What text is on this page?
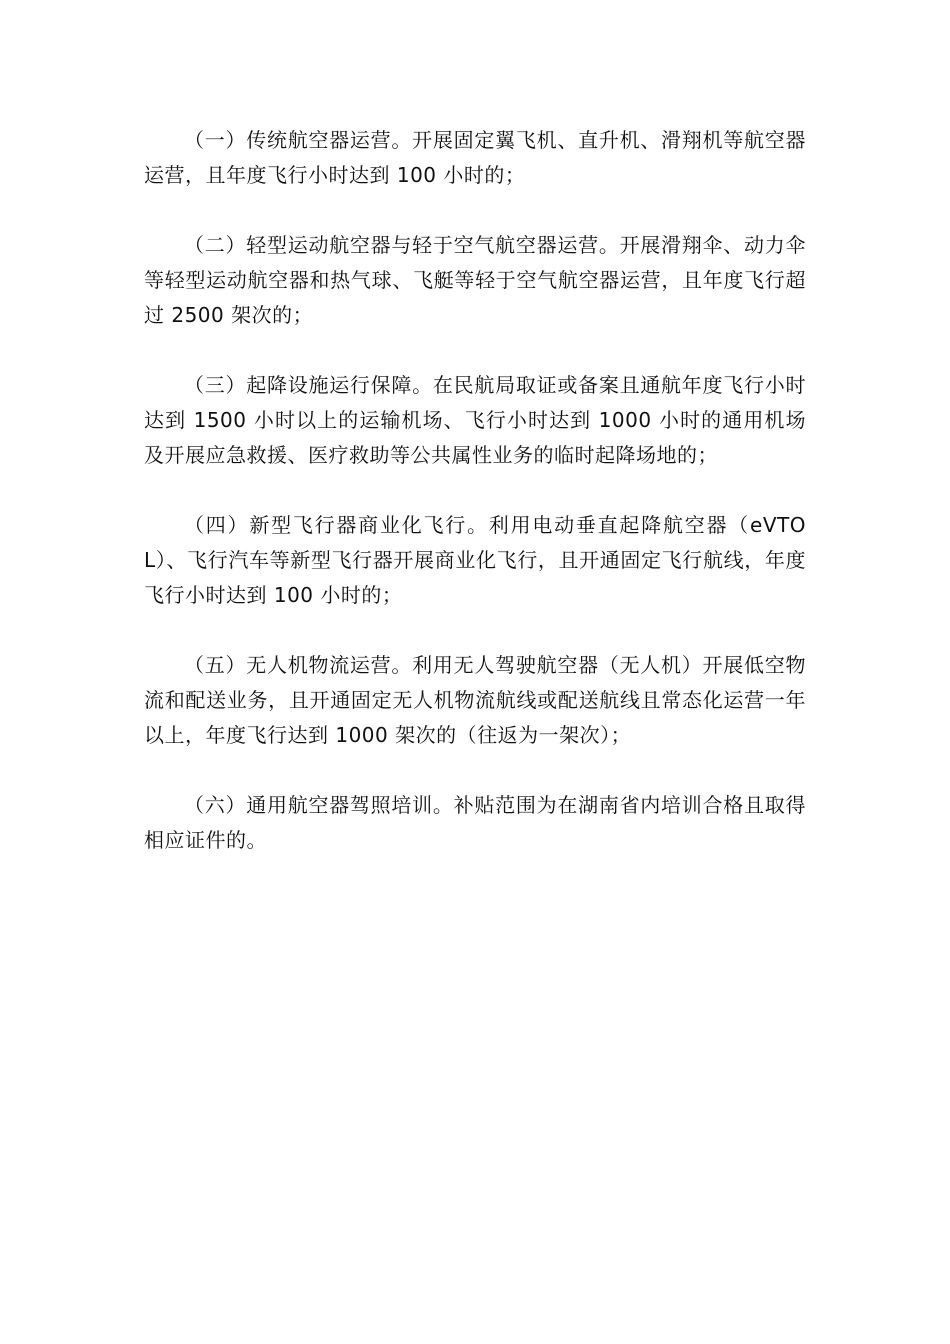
（一）传统航空器运营。开展固定翼飞机、直升机、滑翔机等航空器运营，且年度飞行小时达到 100 小时的；

（二）轻型运动航空器与轻于空气航空器运营。开展滑翔伞、动力伞等轻型运动航空器和热气球、飞艇等轻于空气航空器运营，且年度飞行超过 2500 架次的；

（三）起降设施运行保障。在民航局取证或备案且通航年度飞行小时达到 1500 小时以上的运输机场、飞行小时达到 1000 小时的通用机场及开展应急救援、医疗救助等公共属性业务的临时起降场地的；

（四）新型飞行器商业化飞行。利用电动垂直起降航空器（eVTOL）、飞行汽车等新型飞行器开展商业化飞行，且开通固定飞行航线，年度飞行小时达到 100 小时的；

（五）无人机物流运营。利用无人驾驶航空器（无人机）开展低空物流和配送业务，且开通固定无人机物流航线或配送航线且常态化运营一年以上，年度飞行达到 1000 架次的（往返为一架次）；

（六）通用航空器驾照培训。补贴范围为在湖南省内培训合格且取得相应证件的。
